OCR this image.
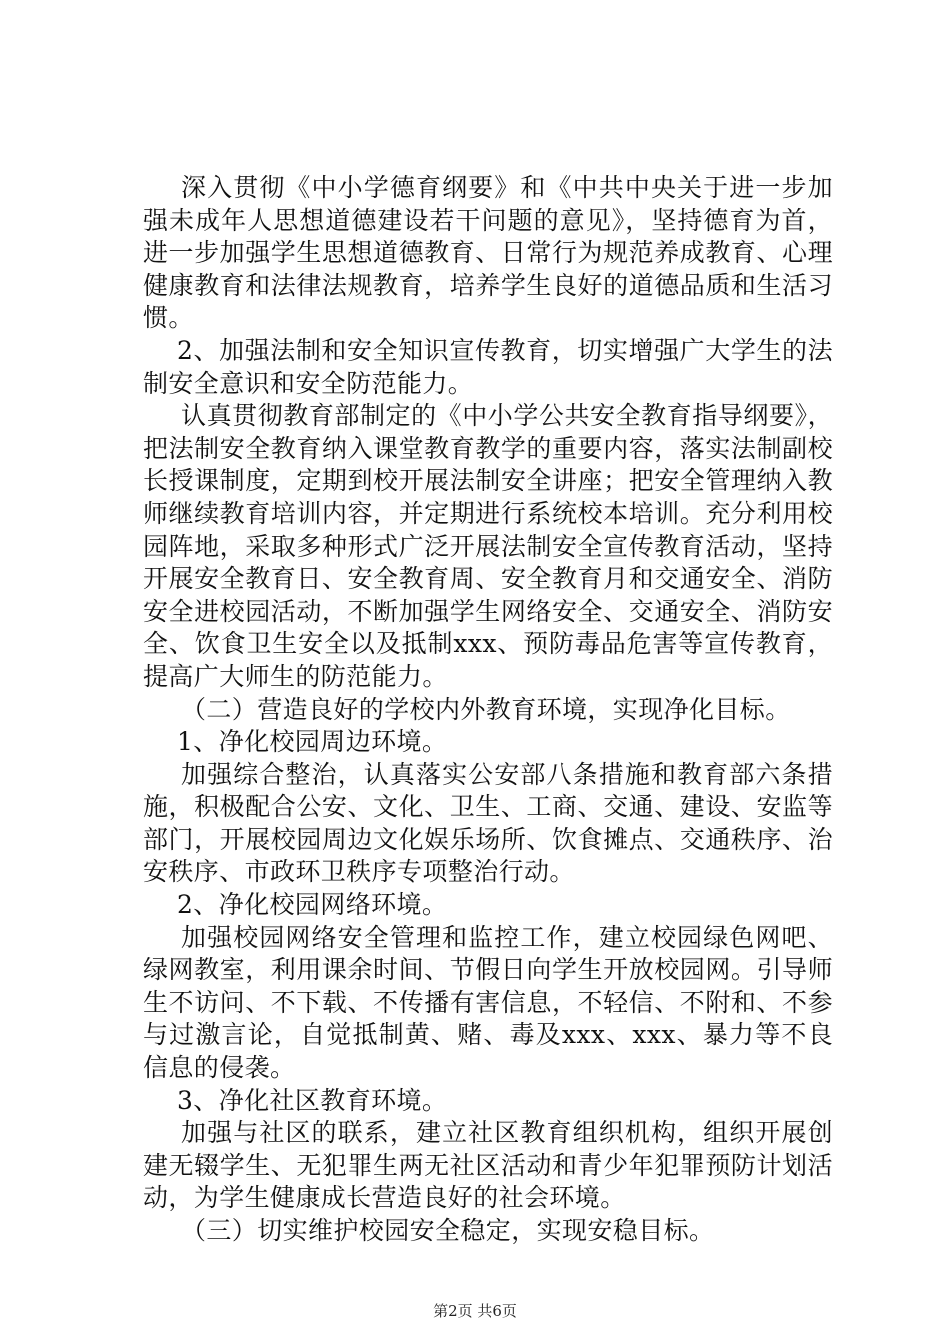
深入贯彻《中小学德育纲要》和《中共中央关于进一步加强未成年人思想道德建设若干问题的意见》，坚持德育为首，进一步加强学生思想道德教育、日常行为规范养成教育、心理健康教育和法律法规教育，培养学生良好的道德品质和生活习惯。

2、加强法制和安全知识宣传教育，切实增强广大学生的法制安全意识和安全防范能力。

认真贯彻教育部制定的《中小学公共安全教育指导纲要》，把法制安全教育纳入课堂教育教学的重要内容，落实法制副校长授课制度，定期到校开展法制安全讲座；把安全管理纳入教师继续教育培训内容，并定期进行系统校本培训。充分利用校园阵地，采取多种形式广泛开展法制安全宣传教育活动，坚持开展安全教育日、安全教育周、安全教育月和交通安全、消防安全进校园活动，不断加强学生网络安全、交通安全、消防安全、饮食卫生安全以及抵制xxx、预防毒品危害等宣传教育，提高广大师生的防范能力。

（二）营造良好的学校内外教育环境，实现净化目标。

1、净化校园周边环境。

加强综合整治，认真落实公安部八条措施和教育部六条措施，积极配合公安、文化、卫生、工商、交通、建设、安监等部门，开展校园周边文化娱乐场所、饮食摊点、交通秩序、治安秩序、市政环卫秩序专项整治行动。

2、净化校园网络环境。

加强校园网络安全管理和监控工作，建立校园绿色网吧、绿网教室，利用课余时间、节假日向学生开放校园网。引导师生不访问、不下载、不传播有害信息，不轻信、不附和、不参与过激言论，自觉抵制黄、赌、毒及xxx、xxx、暴力等不良信息的侵袭。

3、净化社区教育环境。

加强与社区的联系，建立社区教育组织机构，组织开展创建无辍学生、无犯罪生两无社区活动和青少年犯罪预防计划活动，为学生健康成长营造良好的社会环境。

（三）切实维护校园安全稳定，实现安稳目标。

第2页 共6页
